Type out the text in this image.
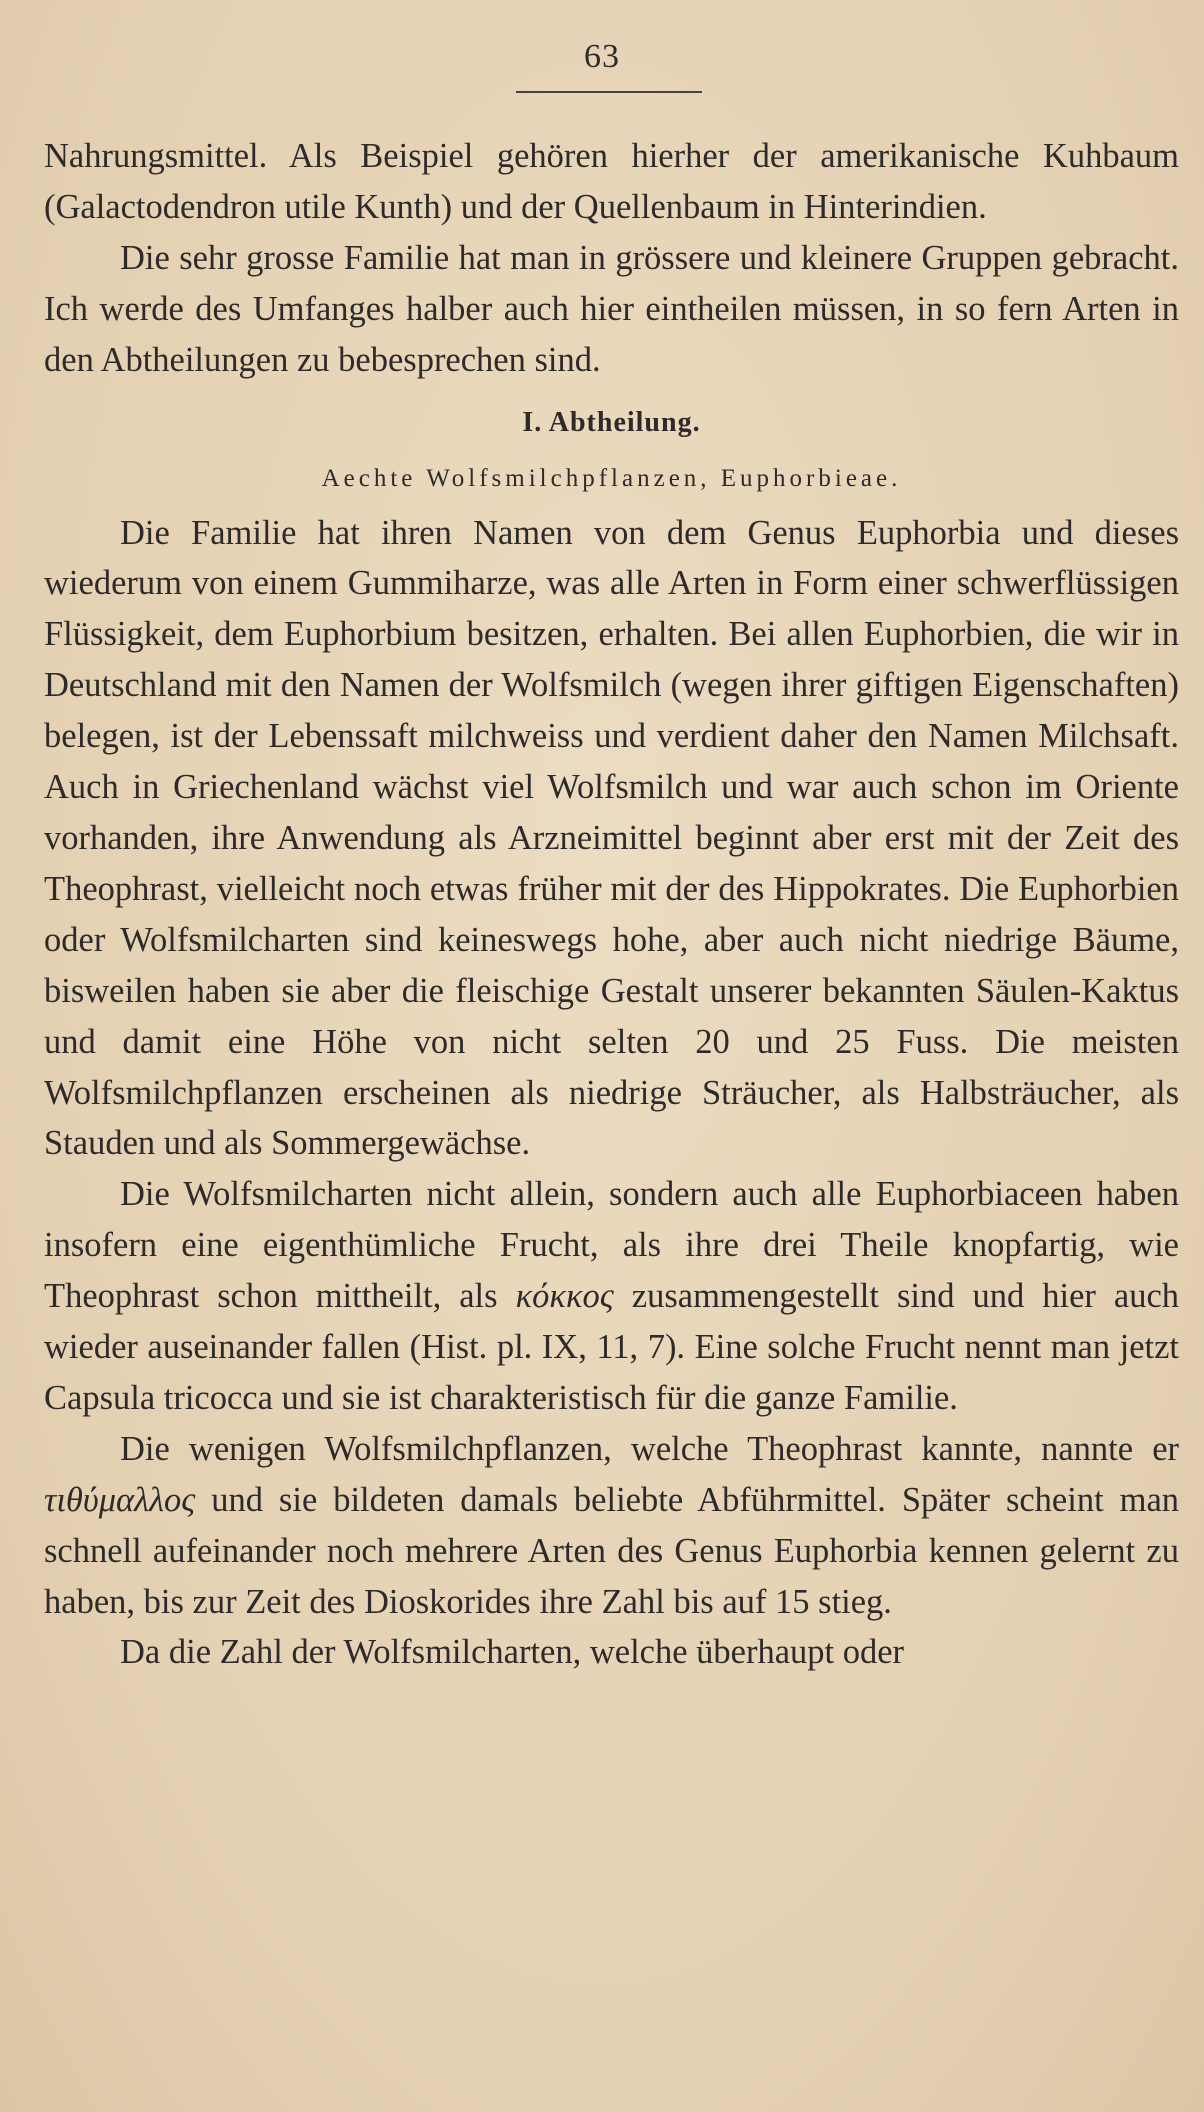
63

Nahrungsmittel. Als Beispiel gehören hierher der amerikanische Kuhbaum (Galactodendron utile Kunth) und der Quellenbaum in Hinterindien.

Die sehr grosse Familie hat man in grössere und kleinere Gruppen gebracht. Ich werde des Umfanges halber auch hier eintheilen müssen, in so fern Arten in den Abtheilungen zu bebesprechen sind.

I. Abtheilung.

Aechte Wolfsmilchpflanzen, Euphorbieae.

Die Familie hat ihren Namen von dem Genus Euphorbia und dieses wiederum von einem Gummiharze, was alle Arten in Form einer schwerflüssigen Flüssigkeit, dem Euphorbium besitzen, erhalten. Bei allen Euphorbien, die wir in Deutschland mit den Namen der Wolfsmilch (wegen ihrer giftigen Eigenschaften) belegen, ist der Lebenssaft milchweiss und verdient daher den Namen Milchsaft. Auch in Griechenland wächst viel Wolfsmilch und war auch schon im Oriente vorhanden, ihre Anwendung als Arzneimittel beginnt aber erst mit der Zeit des Theophrast, vielleicht noch etwas früher mit der des Hippokrates. Die Euphorbien oder Wolfsmilcharten sind keineswegs hohe, aber auch nicht niedrige Bäume, bisweilen haben sie aber die fleischige Gestalt unserer bekannten Säulen-Kaktus und damit eine Höhe von nicht selten 20 und 25 Fuss. Die meisten Wolfsmilchpflanzen erscheinen als niedrige Sträucher, als Halbsträucher, als Stauden und als Sommergewächse.

Die Wolfsmilcharten nicht allein, sondern auch alle Euphorbiaceen haben insofern eine eigenthümliche Frucht, als ihre drei Theile knopfartig, wie Theophrast schon mittheilt, als κόκκος zusammengestellt sind und hier auch wieder auseinander fallen (Hist. pl. IX, 11, 7). Eine solche Frucht nennt man jetzt Capsula tricocca und sie ist charakteristisch für die ganze Familie.

Die wenigen Wolfsmilchpflanzen, welche Theophrast kannte, nannte er τιθύμαλλος und sie bildeten damals beliebte Abführmittel. Später scheint man schnell aufeinander noch mehrere Arten des Genus Euphorbia kennen gelernt zu haben, bis zur Zeit des Dioskorides ihre Zahl bis auf 15 stieg.

Da die Zahl der Wolfsmilcharten, welche überhaupt oder
